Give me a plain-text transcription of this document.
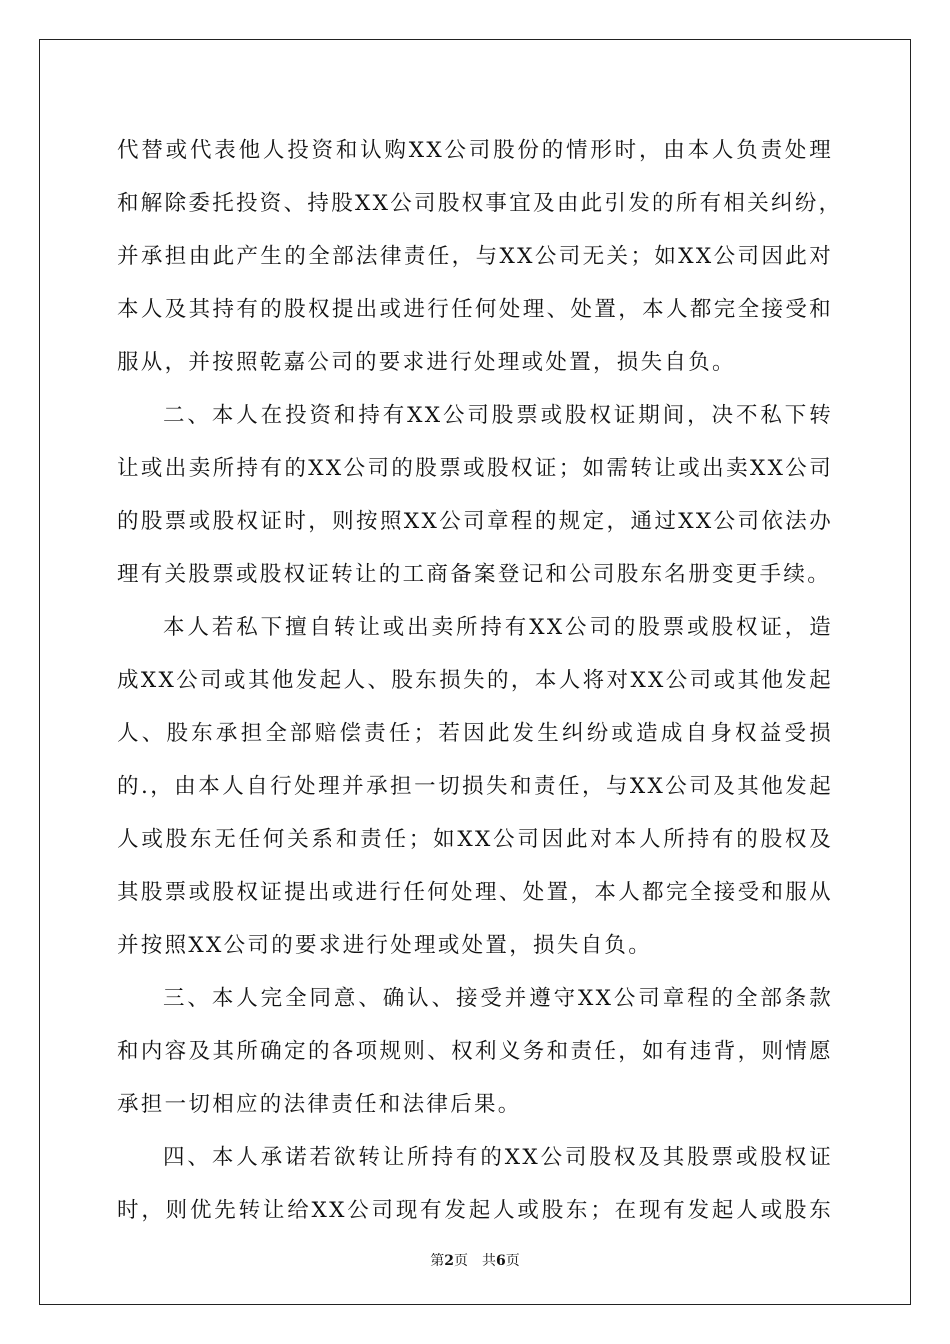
代替或代表他人投资和认购XX公司股份的情形时，由本人负责处理
和解除委托投资、持股XX公司股权事宜及由此引发的所有相关纠纷，
并承担由此产生的全部法律责任，与XX公司无关；如XX公司因此对
本人及其持有的股权提出或进行任何处理、处置，本人都完全接受和
服从，并按照乾嘉公司的要求进行处理或处置，损失自负。
二、本人在投资和持有XX公司股票或股权证期间，决不私下转
让或出卖所持有的XX公司的股票或股权证；如需转让或出卖XX公司
的股票或股权证时，则按照XX公司章程的规定，通过XX公司依法办
理有关股票或股权证转让的工商备案登记和公司股东名册变更手续。
本人若私下擅自转让或出卖所持有XX公司的股票或股权证，造
成XX公司或其他发起人、股东损失的，本人将对XX公司或其他发起
人、股东承担全部赔偿责任；若因此发生纠纷或造成自身权益受损
的.，由本人自行处理并承担一切损失和责任，与XX公司及其他发起
人或股东无任何关系和责任；如XX公司因此对本人所持有的股权及
其股票或股权证提出或进行任何处理、处置，本人都完全接受和服从
并按照XX公司的要求进行处理或处置，损失自负。
三、本人完全同意、确认、接受并遵守XX公司章程的全部条款
和内容及其所确定的各项规则、权利义务和责任，如有违背，则情愿
承担一切相应的法律责任和法律后果。
四、本人承诺若欲转让所持有的XX公司股权及其股票或股权证
时，则优先转让给XX公司现有发起人或股东；在现有发起人或股东
第2页 共6页
